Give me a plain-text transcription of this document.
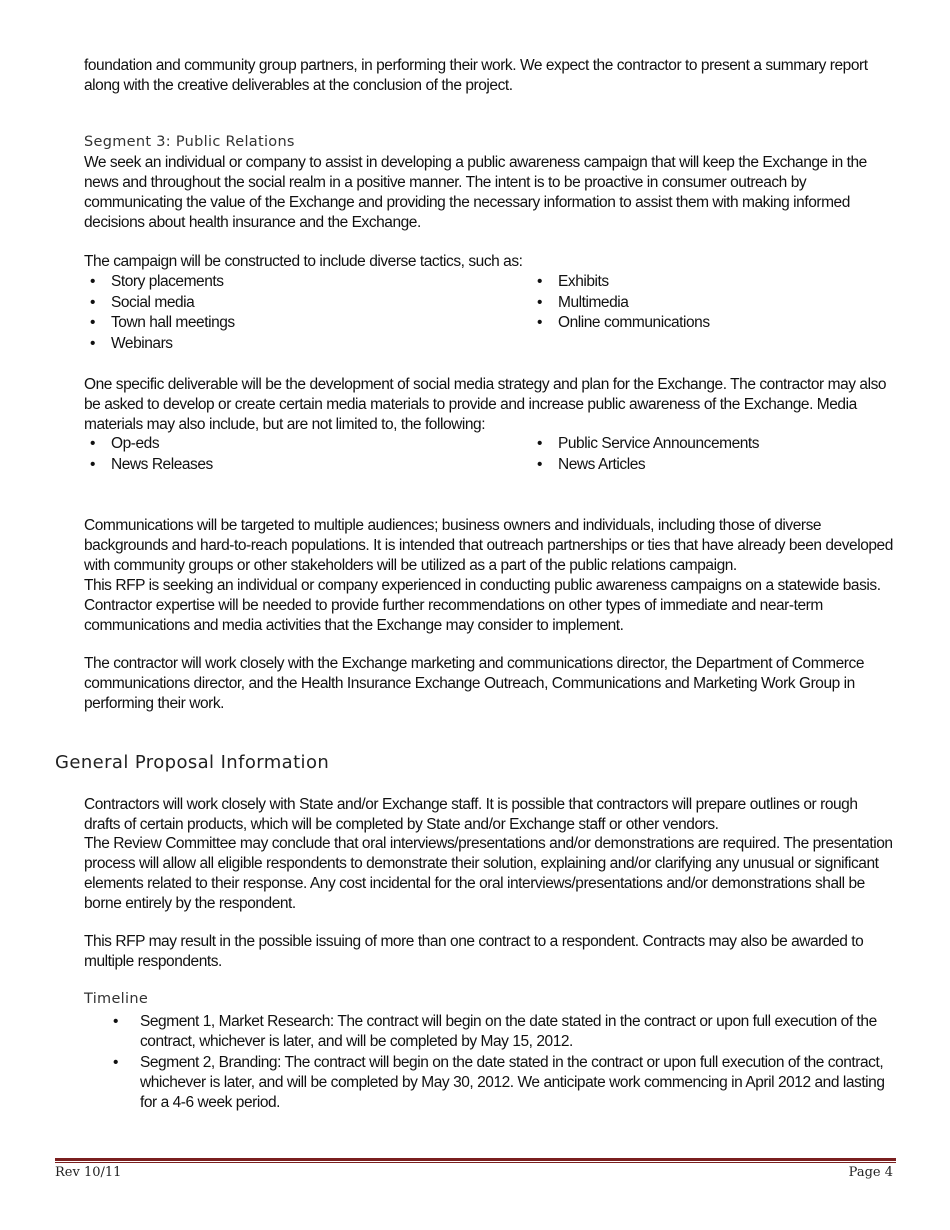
foundation and community group partners, in performing their work. We expect the contractor to present a summary report along with the creative deliverables at the conclusion of the project.

Segment 3: Public Relations

We seek an individual or company to assist in developing a public awareness campaign that will keep the Exchange in the news and throughout the social realm in a positive manner. The intent is to be proactive in consumer outreach by communicating the value of the Exchange and providing the necessary information to assist them with making informed decisions about health insurance and the Exchange.

The campaign will be constructed to include diverse tactics, such as:

• Story placements
• Social media
• Town hall meetings
• Webinars
• Exhibits
• Multimedia
• Online communications

One specific deliverable will be the development of social media strategy and plan for the Exchange. The contractor may also be asked to develop or create certain media materials to provide and increase public awareness of the Exchange. Media materials may also include, but are not limited to, the following:

• Op-eds
• News Releases
• Public Service Announcements
• News Articles

Communications will be targeted to multiple audiences; business owners and individuals, including those of diverse backgrounds and hard-to-reach populations. It is intended that outreach partnerships or ties that have already been developed with community groups or other stakeholders will be utilized as a part of the public relations campaign.

This RFP is seeking an individual or company experienced in conducting public awareness campaigns on a statewide basis. Contractor expertise will be needed to provide further recommendations on other types of immediate and near-term communications and media activities that the Exchange may consider to implement.

The contractor will work closely with the Exchange marketing and communications director, the Department of Commerce communications director, and the Health Insurance Exchange Outreach, Communications and Marketing Work Group in performing their work.

General Proposal Information

Contractors will work closely with State and/or Exchange staff. It is possible that contractors will prepare outlines or rough drafts of certain products, which will be completed by State and/or Exchange staff or other vendors.

The Review Committee may conclude that oral interviews/presentations and/or demonstrations are required. The presentation process will allow all eligible respondents to demonstrate their solution, explaining and/or clarifying any unusual or significant elements related to their response. Any cost incidental for the oral interviews/presentations and/or demonstrations shall be borne entirely by the respondent.

This RFP may result in the possible issuing of more than one contract to a respondent. Contracts may also be awarded to multiple respondents.

Timeline

• Segment 1, Market Research: The contract will begin on the date stated in the contract or upon full execution of the contract, whichever is later, and will be completed by May 15, 2012.
• Segment 2, Branding: The contract will begin on the date stated in the contract or upon full execution of the contract, whichever is later, and will be completed by May 30, 2012. We anticipate work commencing in April 2012 and lasting for a 4-6 week period.
Rev 10/11	Page 4
